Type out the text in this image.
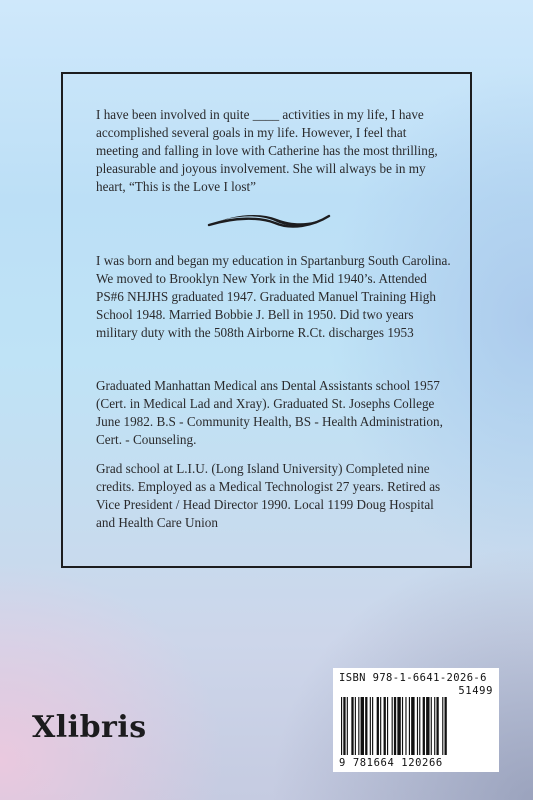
I have been involved in quite ____ activities in my life, I have accomplished several goals in my life. However, I feel that meeting and falling in love with Catherine has the most thrilling, pleasurable and joyous involvement. She will always be in my heart, “This is the Love I lost”

I was born and began my education in Spartanburg South Carolina. We moved to Brooklyn New York in the Mid 1940’s. Attended PS#6 NHJHS graduated 1947. Graduated Manuel Training High School 1948. Married Bobbie J. Bell in 1950. Did two years military duty with the 508th Airborne R.Ct. discharges 1953

Graduated Manhattan Medical ans Dental Assistants school 1957 (Cert. in Medical Lad and Xray). Graduated St. Josephs College June 1982. B.S - Community Health, BS - Health Administration, Cert. - Counseling.

Grad school at L.I.U. (Long Island University) Completed nine credits. Employed as a Medical Technologist 27 years. Retired as Vice President / Head Director 1990. Local 1199 Doug Hospital and Health Care Union

Xlibris
ISBN 978-1-6641-2026-6
51499
9 781664 120266
